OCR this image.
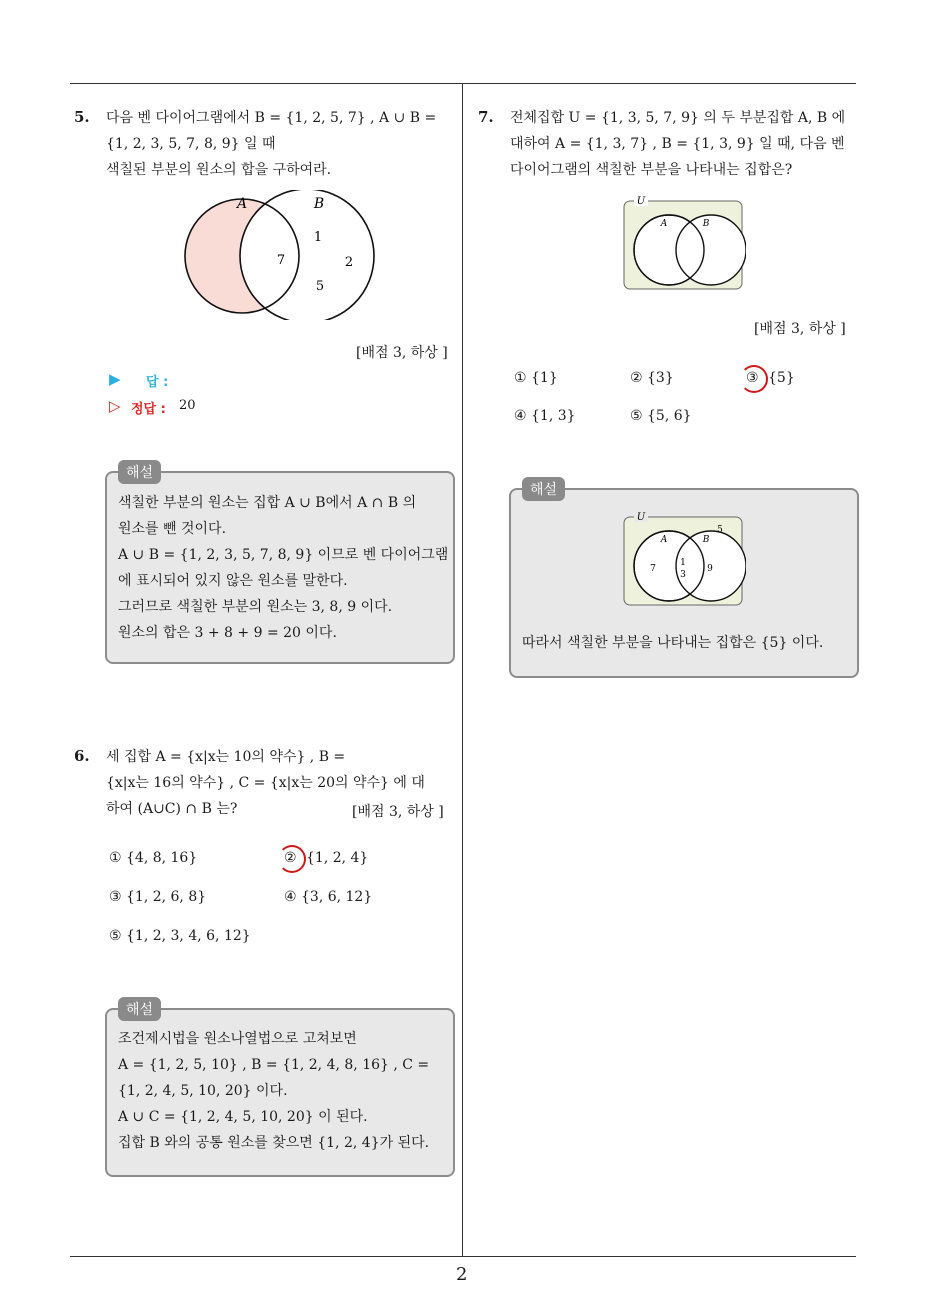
5. 다음 벤 다이어그램에서 B = {1, 2, 5, 7} , A ∪ B =
{1, 2, 3, 5, 7, 8, 9} 일 때
색칠된 부분의 원소의 합을 구하여라.
A	B
7
1
2
5
[배점 3, 하상 ]
▶ 답 :
▷ 정답 : 20
해설
색칠한 부분의 원소는 집합 A ∪ B에서 A ∩ B 의
원소를 뺀 것이다.
A ∪ B = {1, 2, 3, 5, 7, 8, 9} 이므로 벤 다이어그램
에 표시되어 있지 않은 원소를 말한다.
그러므로 색칠한 부분의 원소는 3, 8, 9 이다.
원소의 합은 3 + 8 + 9 = 20 이다.
6. 세 집합 A = {x|x는 10의 약수} , B =
{x|x는 16의 약수} , C = {x|x는 20의 약수} 에 대
하여 (A∪C) ∩ B 는?	[배점 3, 하상 ]
① {4, 8, 16}	② {1, 2, 4}
③ {1, 2, 6, 8}	④ {3, 6, 12}
⑤ {1, 2, 3, 4, 6, 12}
해설
조건제시법을 원소나열법으로 고쳐보면
A = {1, 2, 5, 10} , B = {1, 2, 4, 8, 16} , C =
{1, 2, 4, 5, 10, 20} 이다.
A ∪ C = {1, 2, 4, 5, 10, 20} 이 된다.
집합 B 와의 공통 원소를 찾으면 {1, 2, 4}가 된다.
7. 전체집합 U = {1, 3, 5, 7, 9} 의 두 부분집합 A, B 에
대하여 A = {1, 3, 7} , B = {1, 3, 9} 일 때, 다음 벤
다이어그램의 색칠한 부분을 나타내는 집합은?
U
A	B
[배점 3, 하상 ]
① {1}	② {3}	③ {5}
④ {1, 3}	⑤ {5, 6}
해설
U
A	B
5
7
1
3
9
따라서 색칠한 부분을 나타내는 집합은 {5} 이다.
2
